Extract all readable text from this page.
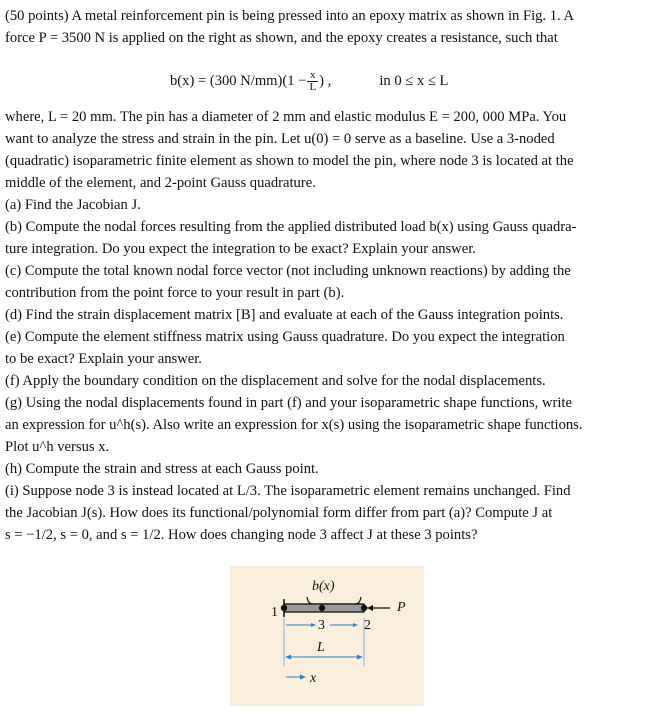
(50 points) A metal reinforcement pin is being pressed into an epoxy matrix as shown in Fig. 1. A
force P = 3500 N is applied on the right as shown, and the epoxy creates a resistance, such that
b(x) = (300 $N/mm)(1 - \frac{x}{L}$ ) ,	in 0 ≤ x ≤ L
where, L = 20 mm. The pin has a diameter of 2 mm and elastic modulus E = 200, 000 MPa. You
want to analyze the stress and strain in the pin. Let u(0) = 0 serve as a baseline. Use a 3-noded
(quadratic) isoparametric finite element as shown to model the pin, where node 3 is located at the
middle of the element, and 2-point Gauss quadrature.
(a) Find the Jacobian J.
(b) Compute the nodal forces resulting from the applied distributed load b(x) using Gauss quadra-
ture integration. Do you expect the integration to be exact? Explain your answer.
(c) Compute the total known nodal force vector (not including unknown reactions) by adding the
contribution from the point force to your result in part (b).
(d) Find the strain displacement matrix [B] and evaluate at each of the Gauss integration points.
(e) Compute the element stiffness matrix using Gauss quadrature. Do you expect the integration
to be exact? Explain your answer.
(f) Apply the boundary condition on the displacement and solve for the nodal displacements.
(g) Using the nodal displacements found in part (f) and your isoparametric shape functions, write
an expression for u^h(s). Also write an expression for x(s) using the isoparametric shape functions.
Plot u^h versus x.
(h) Compute the strain and stress at each Gauss point.
(i) Suppose node 3 is instead located at L/3. The isoparametric element remains unchanged. Find
the Jacobian J(s). How does its functional/polynomial form differ from part (a)? Compute J at
s = −1/2, s = 0, and s = 1/2. How does changing node 3 affect J at these 3 points?
b(x)
P
1
3	2
L
x
